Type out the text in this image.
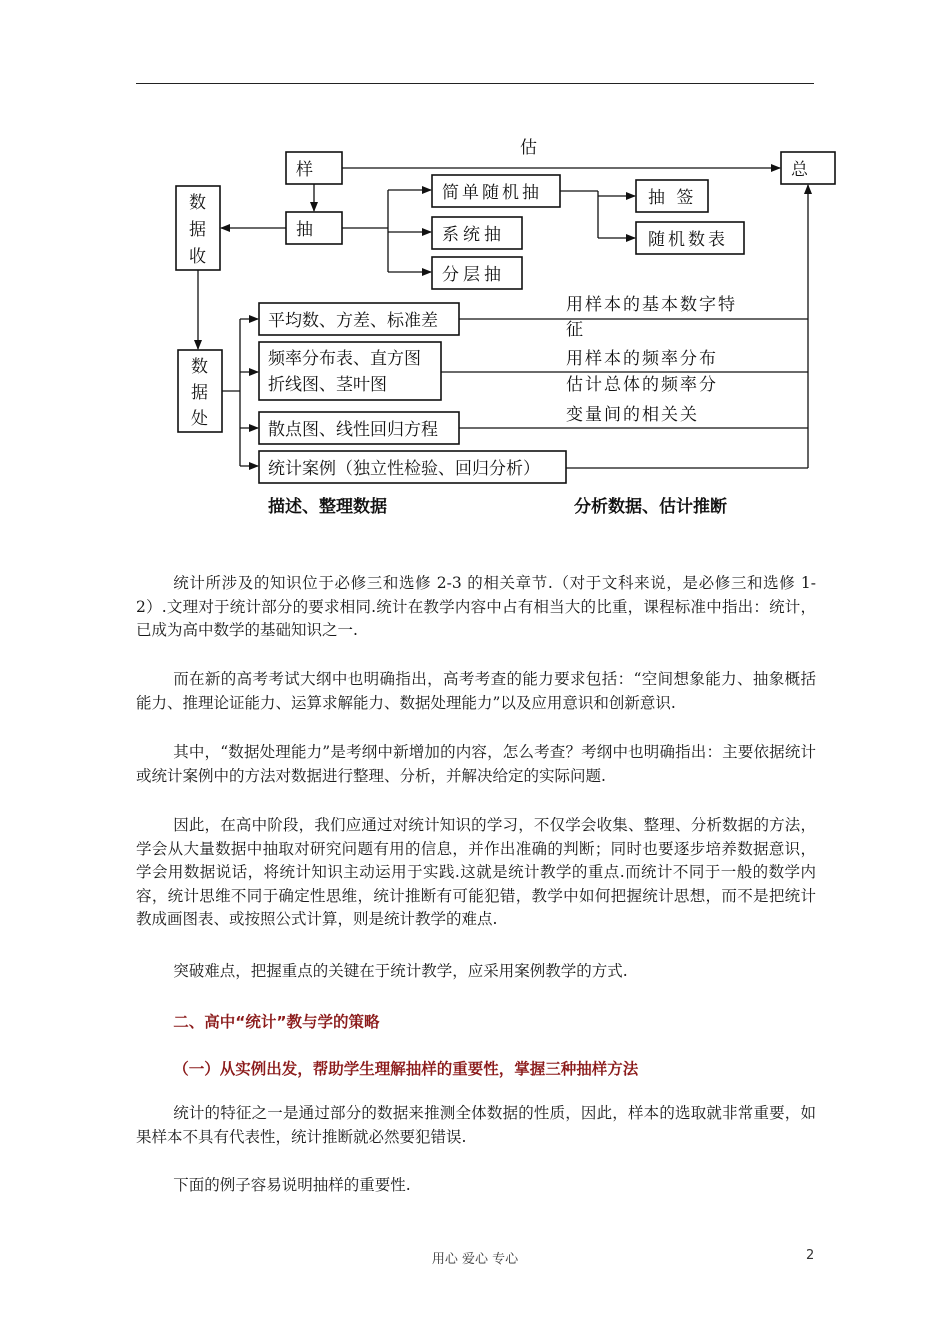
估
样	总
抽
数
据
收
简单随机抽
系统抽
分层抽
抽 签
随机数表
数
据
处
平均数、方差、标准差
频率分布表、直方图
折线图、茎叶图
散点图、线性回归方程
统计案例（独立性检验、回归分析）
用样本的基本数字特
征
用样本的频率分布
估计总体的频率分
变量间的相关关
描述、整理数据	分析数据、估计推断

统计所涉及的知识位于必修三和选修 2-3 的相关章节.（对于文科来说，是必修三和选修 1-2）.文理对于统计部分的要求相同.统计在教学内容中占有相当大的比重，课程标准中指出：统计，已成为高中数学的基础知识之一.

而在新的高考考试大纲中也明确指出，高考考查的能力要求包括：“空间想象能力、抽象概括能力、推理论证能力、运算求解能力、数据处理能力”以及应用意识和创新意识.

其中，“数据处理能力”是考纲中新增加的内容，怎么考查？考纲中也明确指出：主要依据统计或统计案例中的方法对数据进行整理、分析，并解决给定的实际问题.

因此，在高中阶段，我们应通过对统计知识的学习，不仅学会收集、整理、分析数据的方法，学会从大量数据中抽取对研究问题有用的信息，并作出准确的判断；同时也要逐步培养数据意识，学会用数据说话，将统计知识主动运用于实践.这就是统计教学的重点.而统计不同于一般的数学内容，统计思维不同于确定性思维，统计推断有可能犯错，教学中如何把握统计思想，而不是把统计教成画图表、或按照公式计算，则是统计教学的难点.

突破难点，把握重点的关键在于统计教学，应采用案例教学的方式.

二、高中“统计”教与学的策略

（一）从实例出发，帮助学生理解抽样的重要性，掌握三种抽样方法

统计的特征之一是通过部分的数据来推测全体数据的性质，因此，样本的选取就非常重要，如果样本不具有代表性，统计推断就必然要犯错误.

下面的例子容易说明抽样的重要性.

用心 爱心 专心	2
